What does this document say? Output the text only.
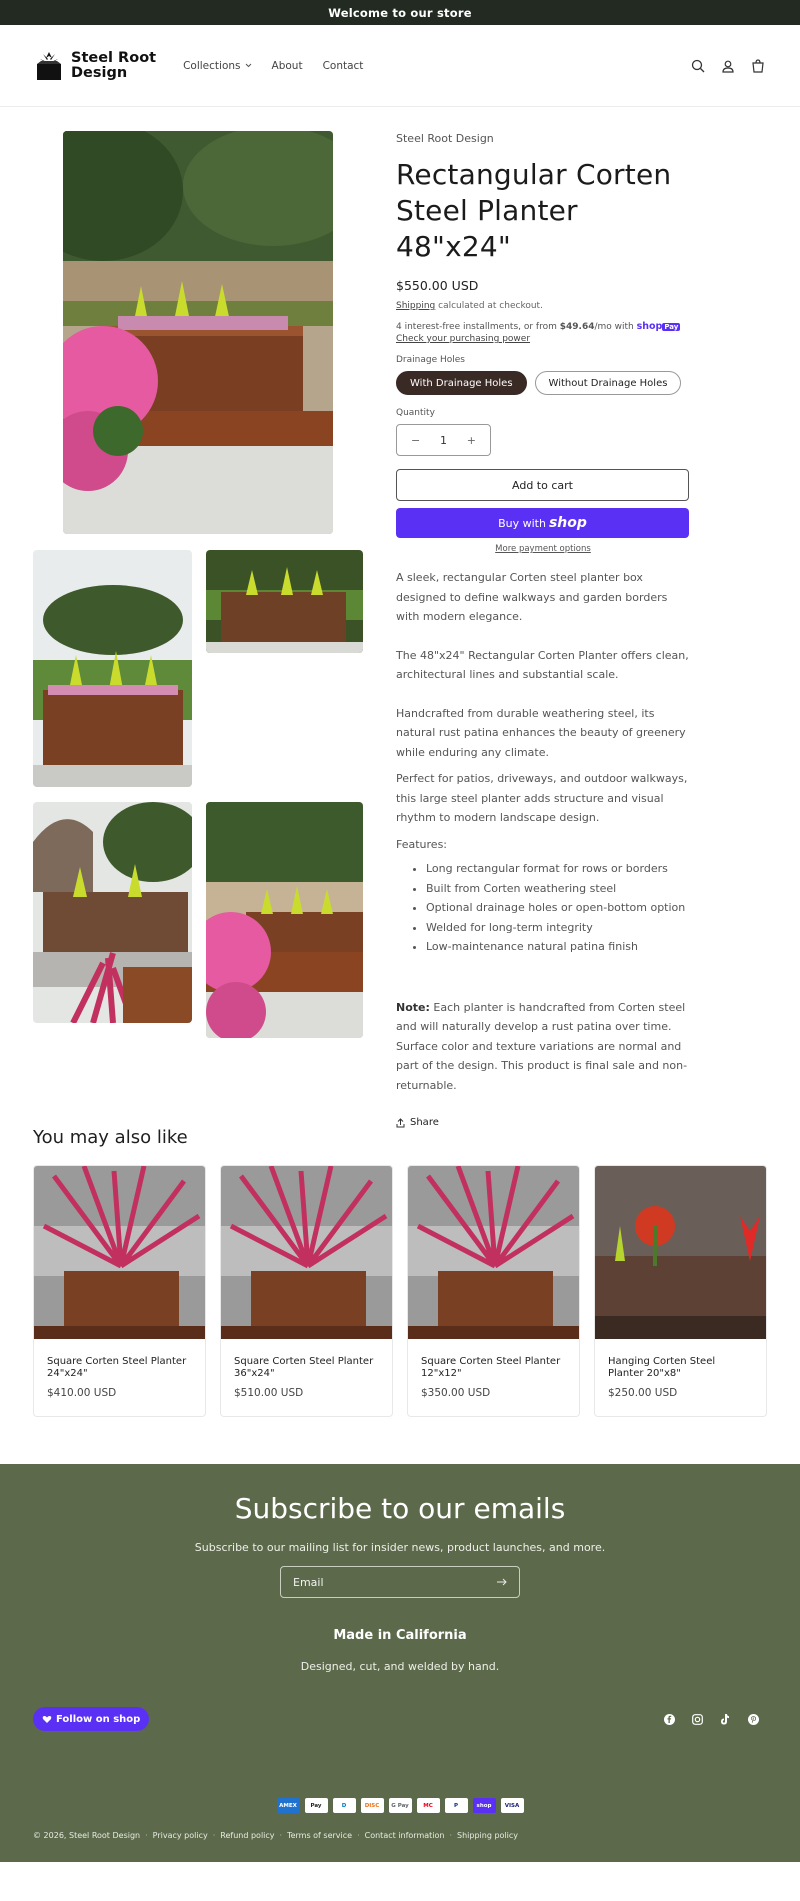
Welcome to our store
Steel Root
Design	Collections	About Contact
Steel Root Design
Rectangular Corten Steel Planter 48"x24"
$550.00 USD
Shipping calculated at checkout.
4 interest-free installments, or from $49.64/mo with shop Pay
Check your purchasing power
Drainage Holes
With Drainage Holes	Without Drainage Holes
Quantity
− 1 +
Add to cart
Buy with shop
More payment options

A sleek, rectangular Corten steel planter box designed to define walkways and garden borders with modern elegance.

The 48"x24" Rectangular Corten Planter offers clean, architectural lines and substantial scale.

Handcrafted from durable weathering steel, its natural rust patina enhances the beauty of greenery while enduring any climate.

Perfect for patios, driveways, and outdoor walkways, this large steel planter adds structure and visual rhythm to modern landscape design.

Features:

• Long rectangular format for rows or borders
• Built from Corten weathering steel
• Optional drainage holes or open-bottom option
• Welded for long-term integrity
• Low-maintenance natural patina finish

Note: Each planter is handcrafted from Corten steel and will naturally develop a rust patina over time. Surface color and texture variations are normal and part of the design. This product is final sale and non-returnable.

Share
You may also like
Square Corten Steel Planter 24"x24"
$410.00 USD
Square Corten Steel Planter 36"x24"
$510.00 USD
Square Corten Steel Planter 12"x12"
$350.00 USD
Hanging Corten Steel Planter 20"x8"
$250.00 USD
Subscribe to our emails

Subscribe to our mailing list for insider news, product launches, and more.

Email
Made in California
Designed, cut, and welded by hand.
Follow on shop
AMEX	Pay	D	DISC	G Pay	MC	P	shop	VISA
© 2026, Steel Root Design · Privacy policy · Refund policy · Terms of service · Contact information · Shipping policy
